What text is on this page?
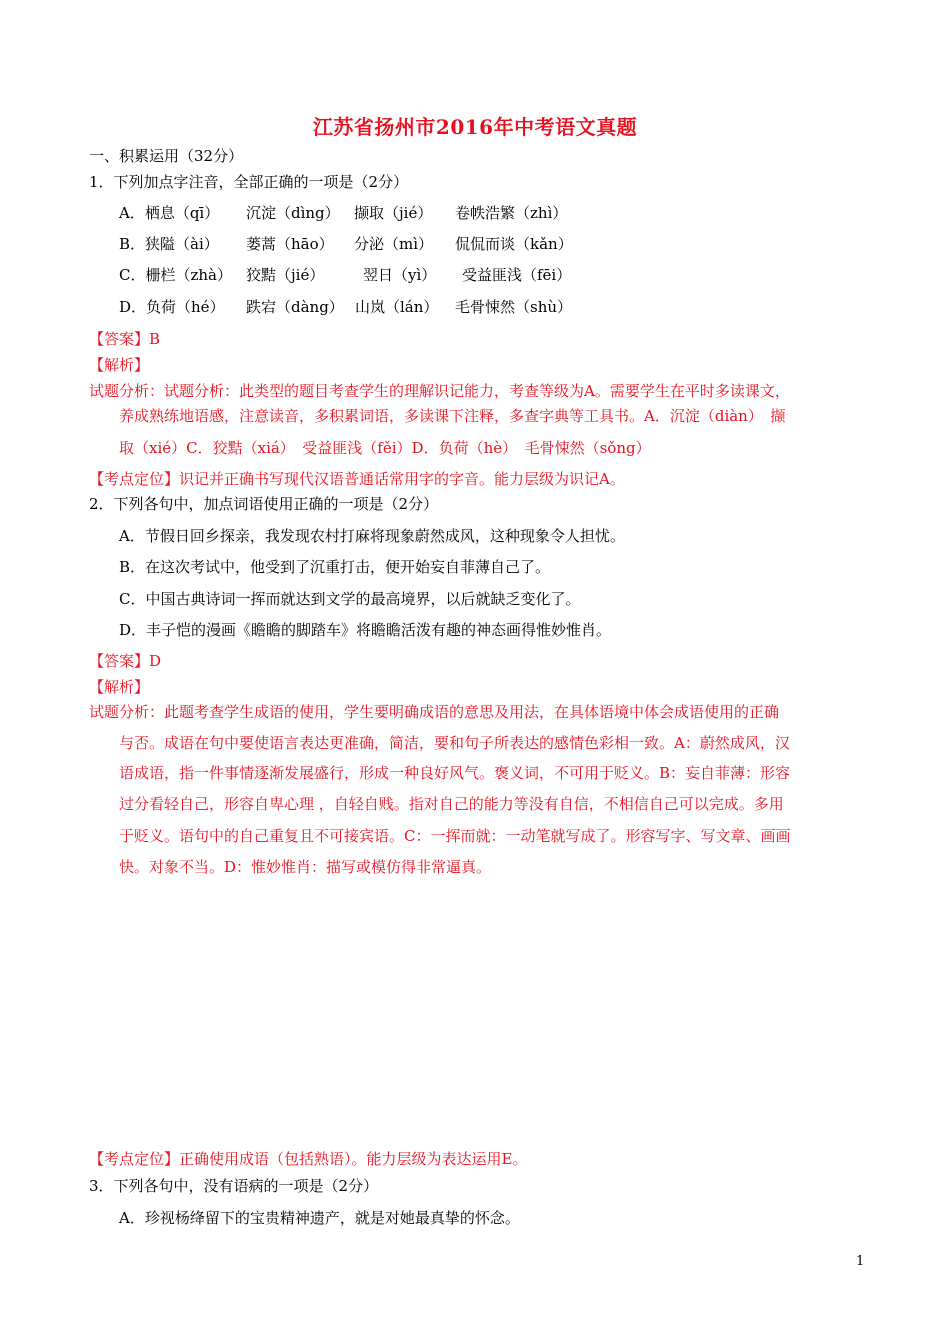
江苏省扬州市2016年中考语文真题
一、积累运用（32分）
1．下列加点字注音，全部正确的一项是（2分）
A．栖息（qī） 沉淀（dìng） 撷取（jié） 卷帙浩繁（zhì）
B．狭隘（ài） 蒌蒿（hāo） 分泌（mì） 侃侃而谈（kǎn）
C．栅栏（zhà） 狡黠（jié）	翌日（yì） 受益匪浅（fēi）
D．负荷（hé） 跌宕（dàng） 山岚（lán） 毛骨悚然（shù）
【答案】B
【解析】
试题分析：试题分析：此类型的题目考查学生的理解识记能力，考查等级为A。需要学生在平时多读课文，
养成熟练地语感，注意读音，多积累词语，多读课下注释，多查字典等工具书。A．沉淀（diàn）　撷
取（xié）C．狡黠（xiá）　受益匪浅（fěi）D．负荷（hè）　毛骨悚然（sǒng）
【考点定位】识记并正确书写现代汉语普通话常用字的字音。能力层级为识记A。
2．下列各句中，加点词语使用正确的一项是（2分）
A．节假日回乡探亲，我发现农村打麻将现象蔚然成风，这种现象令人担忧。
B．在这次考试中，他受到了沉重打击，便开始妄自菲薄自己了。
C．中国古典诗词一挥而就达到文学的最高境界，以后就缺乏变化了。
D．丰子恺的漫画《瞻瞻的脚踏车》将瞻瞻活泼有趣的神态画得惟妙惟肖。
【答案】D
【解析】
试题分析：此题考查学生成语的使用，学生要明确成语的意思及用法，在具体语境中体会成语使用的正确
与否。成语在句中要使语言表达更准确，简洁，要和句子所表达的感情色彩相一致。A：蔚然成风，汉
语成语，指一件事情逐渐发展盛行，形成一种良好风气。褒义词，不可用于贬义。B：妄自菲薄：形容
过分看轻自己，形容自卑心理 ，自轻自贱。指对自己的能力等没有自信，不相信自己可以完成。多用
于贬义。语句中的自己重复且不可接宾语。C：一挥而就：一动笔就写成了。形容写字、写文章、画画
快。对象不当。D：惟妙惟肖：描写或模仿得非常逼真。
【考点定位】正确使用成语（包括熟语）。能力层级为表达运用E。
3．下列各句中，没有语病的一项是（2分）
A．珍视杨绛留下的宝贵精神遗产，就是对她最真挚的怀念。
1
